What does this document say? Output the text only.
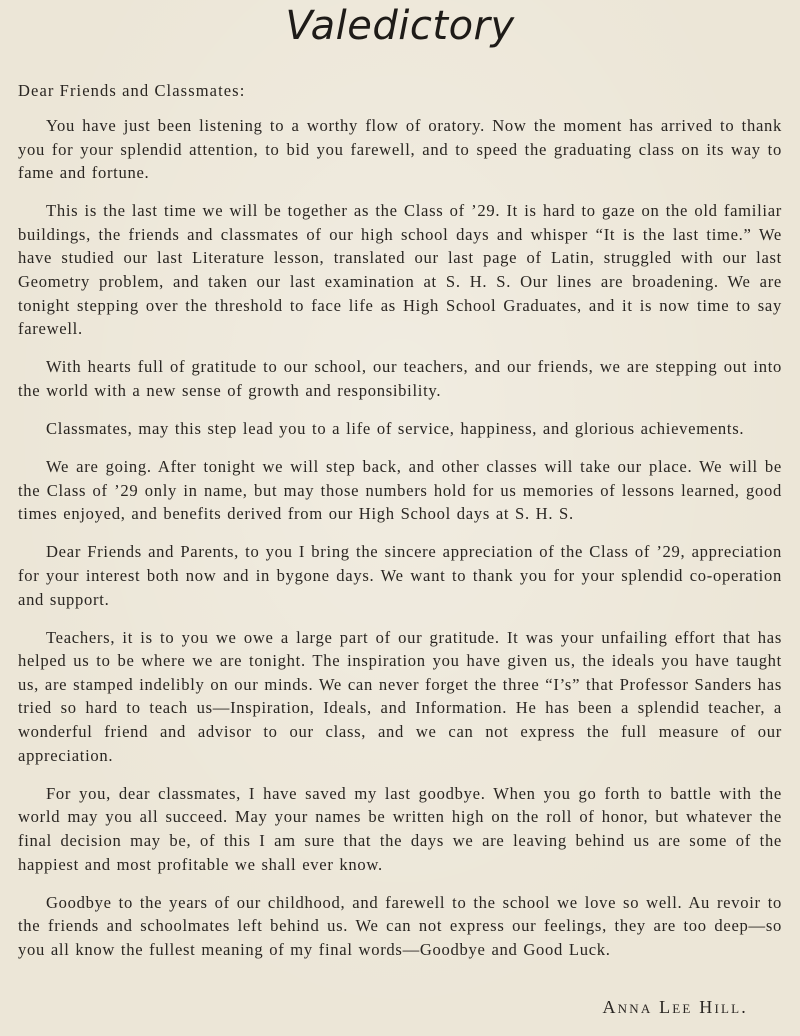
Valedictory

Dear Friends and Classmates:

You have just been listening to a worthy flow of oratory. Now the moment has arrived to thank you for your splendid attention, to bid you farewell, and to speed the graduating class on its way to fame and fortune.

This is the last time we will be together as the Class of ’29. It is hard to gaze on the old familiar buildings, the friends and classmates of our high school days and whisper “It is the last time.” We have studied our last Literature lesson, translated our last page of Latin, struggled with our last Geometry problem, and taken our last examination at S. H. S. Our lines are broadening. We are tonight stepping over the threshold to face life as High School Graduates, and it is now time to say farewell.

With hearts full of gratitude to our school, our teachers, and our friends, we are stepping out into the world with a new sense of growth and responsibility.

Classmates, may this step lead you to a life of service, happiness, and glorious achievements.

We are going. After tonight we will step back, and other classes will take our place. We will be the Class of ’29 only in name, but may those numbers hold for us memories of lessons learned, good times enjoyed, and benefits derived from our High School days at S. H. S.

Dear Friends and Parents, to you I bring the sincere appreciation of the Class of ’29, appreciation for your interest both now and in bygone days. We want to thank you for your splendid co-operation and support.

Teachers, it is to you we owe a large part of our gratitude. It was your unfailing effort that has helped us to be where we are tonight. The inspiration you have given us, the ideals you have taught us, are stamped indelibly on our minds. We can never forget the three “I’s” that Professor Sanders has tried so hard to teach us—Inspiration, Ideals, and Information. He has been a splendid teacher, a wonderful friend and advisor to our class, and we can not express the full measure of our appreciation.

For you, dear classmates, I have saved my last goodbye. When you go forth to battle with the world may you all succeed. May your names be written high on the roll of honor, but whatever the final decision may be, of this I am sure that the days we are leaving behind us are some of the happiest and most profitable we shall ever know.

Goodbye to the years of our childhood, and farewell to the school we love so well. Au revoir to the friends and schoolmates left behind us. We can not express our feelings, they are too deep—so you all know the fullest meaning of my final words—Goodbye and Good Luck.

Anna Lee Hill.
